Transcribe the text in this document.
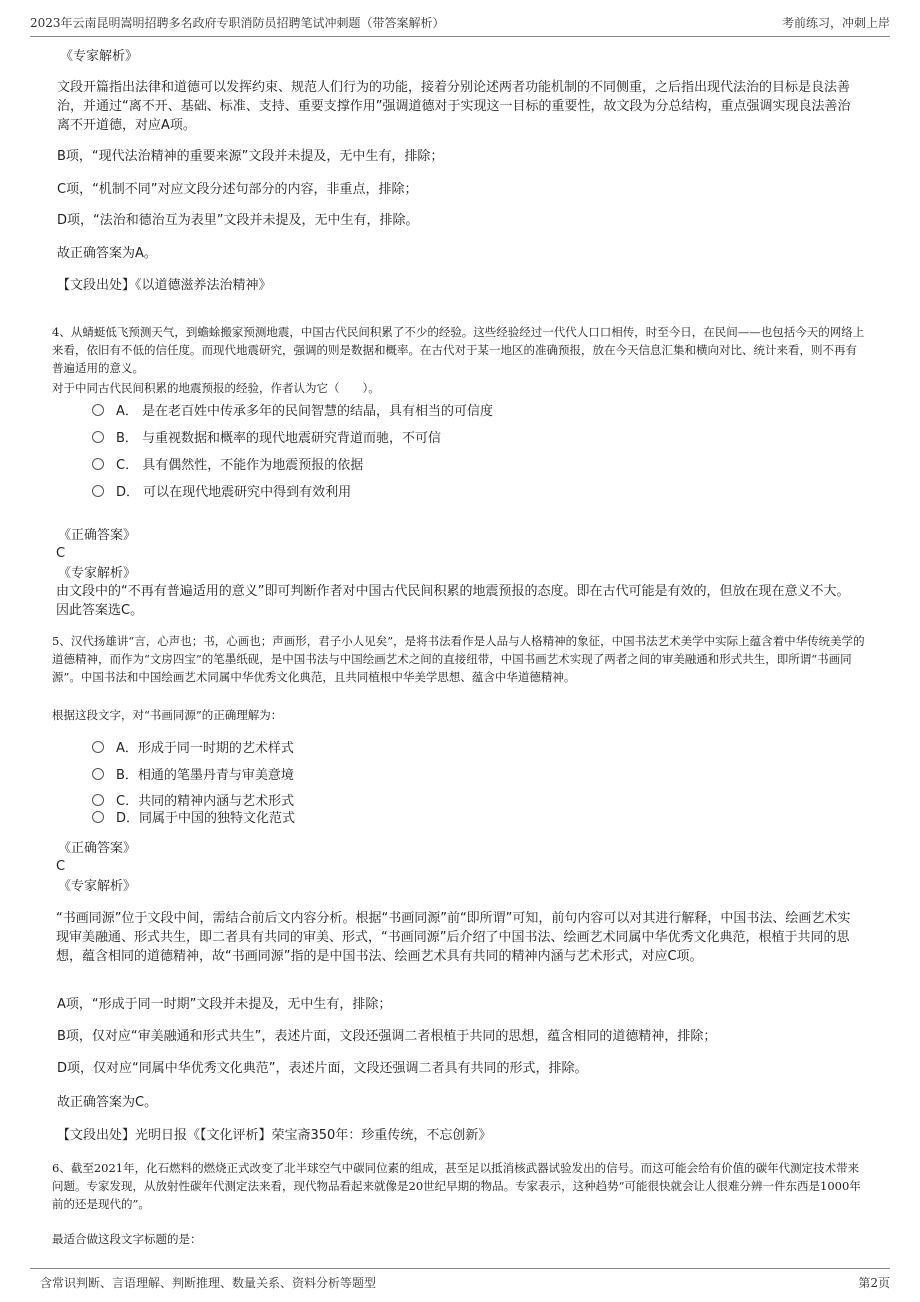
2023年云南昆明嵩明招聘多名政府专职消防员招聘笔试冲刺题（带答案解析）	考前练习，冲刺上岸

《专家解析》

文段开篇指出法律和道德可以发挥约束、规范人们行为的功能，接着分别论述两者功能机制的不同侧重，之后指出现代法治的目标是良法善治，并通过“离不开、基础、标准、支持、重要支撑作用”强调道德对于实现这一目标的重要性，故文段为分总结构，重点强调实现良法善治离不开道德，对应A项。

B项，“现代法治精神的重要来源”文段并未提及，无中生有，排除；

C项，“机制不同”对应文段分述句部分的内容，非重点，排除；

D项，“法治和德治互为表里”文段并未提及，无中生有，排除。

故正确答案为A。

【文段出处】《以道德滋养法治精神》

4、从蜻蜓低飞预测天气，到蟾蜍搬家预测地震，中国古代民间积累了不少的经验。这些经验经过一代代人口口相传，时至今日，在民间——也包括今天的网络上来看，依旧有不低的信任度。而现代地震研究，强调的则是数据和概率。在古代对于某一地区的准确预报，放在今天信息汇集和横向对比、统计来看，则不再有普遍适用的意义。

对于中同古代民间积累的地震预报的经验，作者认为它（　　）。

A． 是在老百姓中传承多年的民间智慧的结晶，具有相当的可信度
B． 与重视数据和概率的现代地震研究背道而驰，不可信
C． 具有偶然性，不能作为地震预报的依据
D． 可以在现代地震研究中得到有效利用

《正确答案》

C

《专家解析》

由文段中的“不再有普遍适用的意义”即可判断作者对中国古代民间积累的地震预报的态度。即在古代可能是有效的，但放在现在意义不大。因此答案选C。

5、汉代扬雄讲“言，心声也；书，心画也；声画形，君子小人见矣”，是将书法看作是人品与人格精神的象征，中国书法艺术美学中实际上蕴含着中华传统美学的道德精神，而作为“文房四宝”的笔墨纸砚，是中国书法与中国绘画艺术之间的直接纽带，中国书画艺术实现了两者之间的审美融通和形式共生，即所谓“书画同源”。中国书法和中国绘画艺术同属中华优秀文化典范，且共同植根中华美学思想、蕴含中华道德精神。

根据这段文字，对“书画同源”的正确理解为：

A．形成于同一时期的艺术样式
B．相通的笔墨丹青与审美意境
C．共同的精神内涵与艺术形式
D．同属于中国的独特文化范式

《正确答案》

C

《专家解析》

“书画同源”位于文段中间，需结合前后文内容分析。根据“书画同源”前“即所谓”可知，前句内容可以对其进行解释，中国书法、绘画艺术实现审美融通、形式共生，即二者具有共同的审美、形式，“书画同源”后介绍了中国书法、绘画艺术同属中华优秀文化典范，根植于共同的思想，蕴含相同的道德精神，故“书画同源”指的是中国书法、绘画艺术具有共同的精神内涵与艺术形式，对应C项。

A项，“形成于同一时期”文段并未提及，无中生有，排除；

B项，仅对应“审美融通和形式共生”，表述片面，文段还强调二者根植于共同的思想，蕴含相同的道德精神，排除；

D项，仅对应“同属中华优秀文化典范”，表述片面，文段还强调二者具有共同的形式，排除。

故正确答案为C。

【文段出处】光明日报《【文化评析】荣宝斋350年：珍重传统，不忘创新》

6、截至2021年，化石燃料的燃烧正式改变了北半球空气中碳同位素的组成，甚至足以抵消核武器试验发出的信号。而这可能会给有价值的碳年代测定技术带来问题。专家发现，从放射性碳年代测定法来看，现代物品看起来就像是20世纪早期的物品。专家表示，这种趋势“可能很快就会让人很难分辨一件东西是1000年前的还是现代的”。

最适合做这段文字标题的是：

含常识判断、言语理解、判断推理、数量关系、资料分析等题型	第2页
